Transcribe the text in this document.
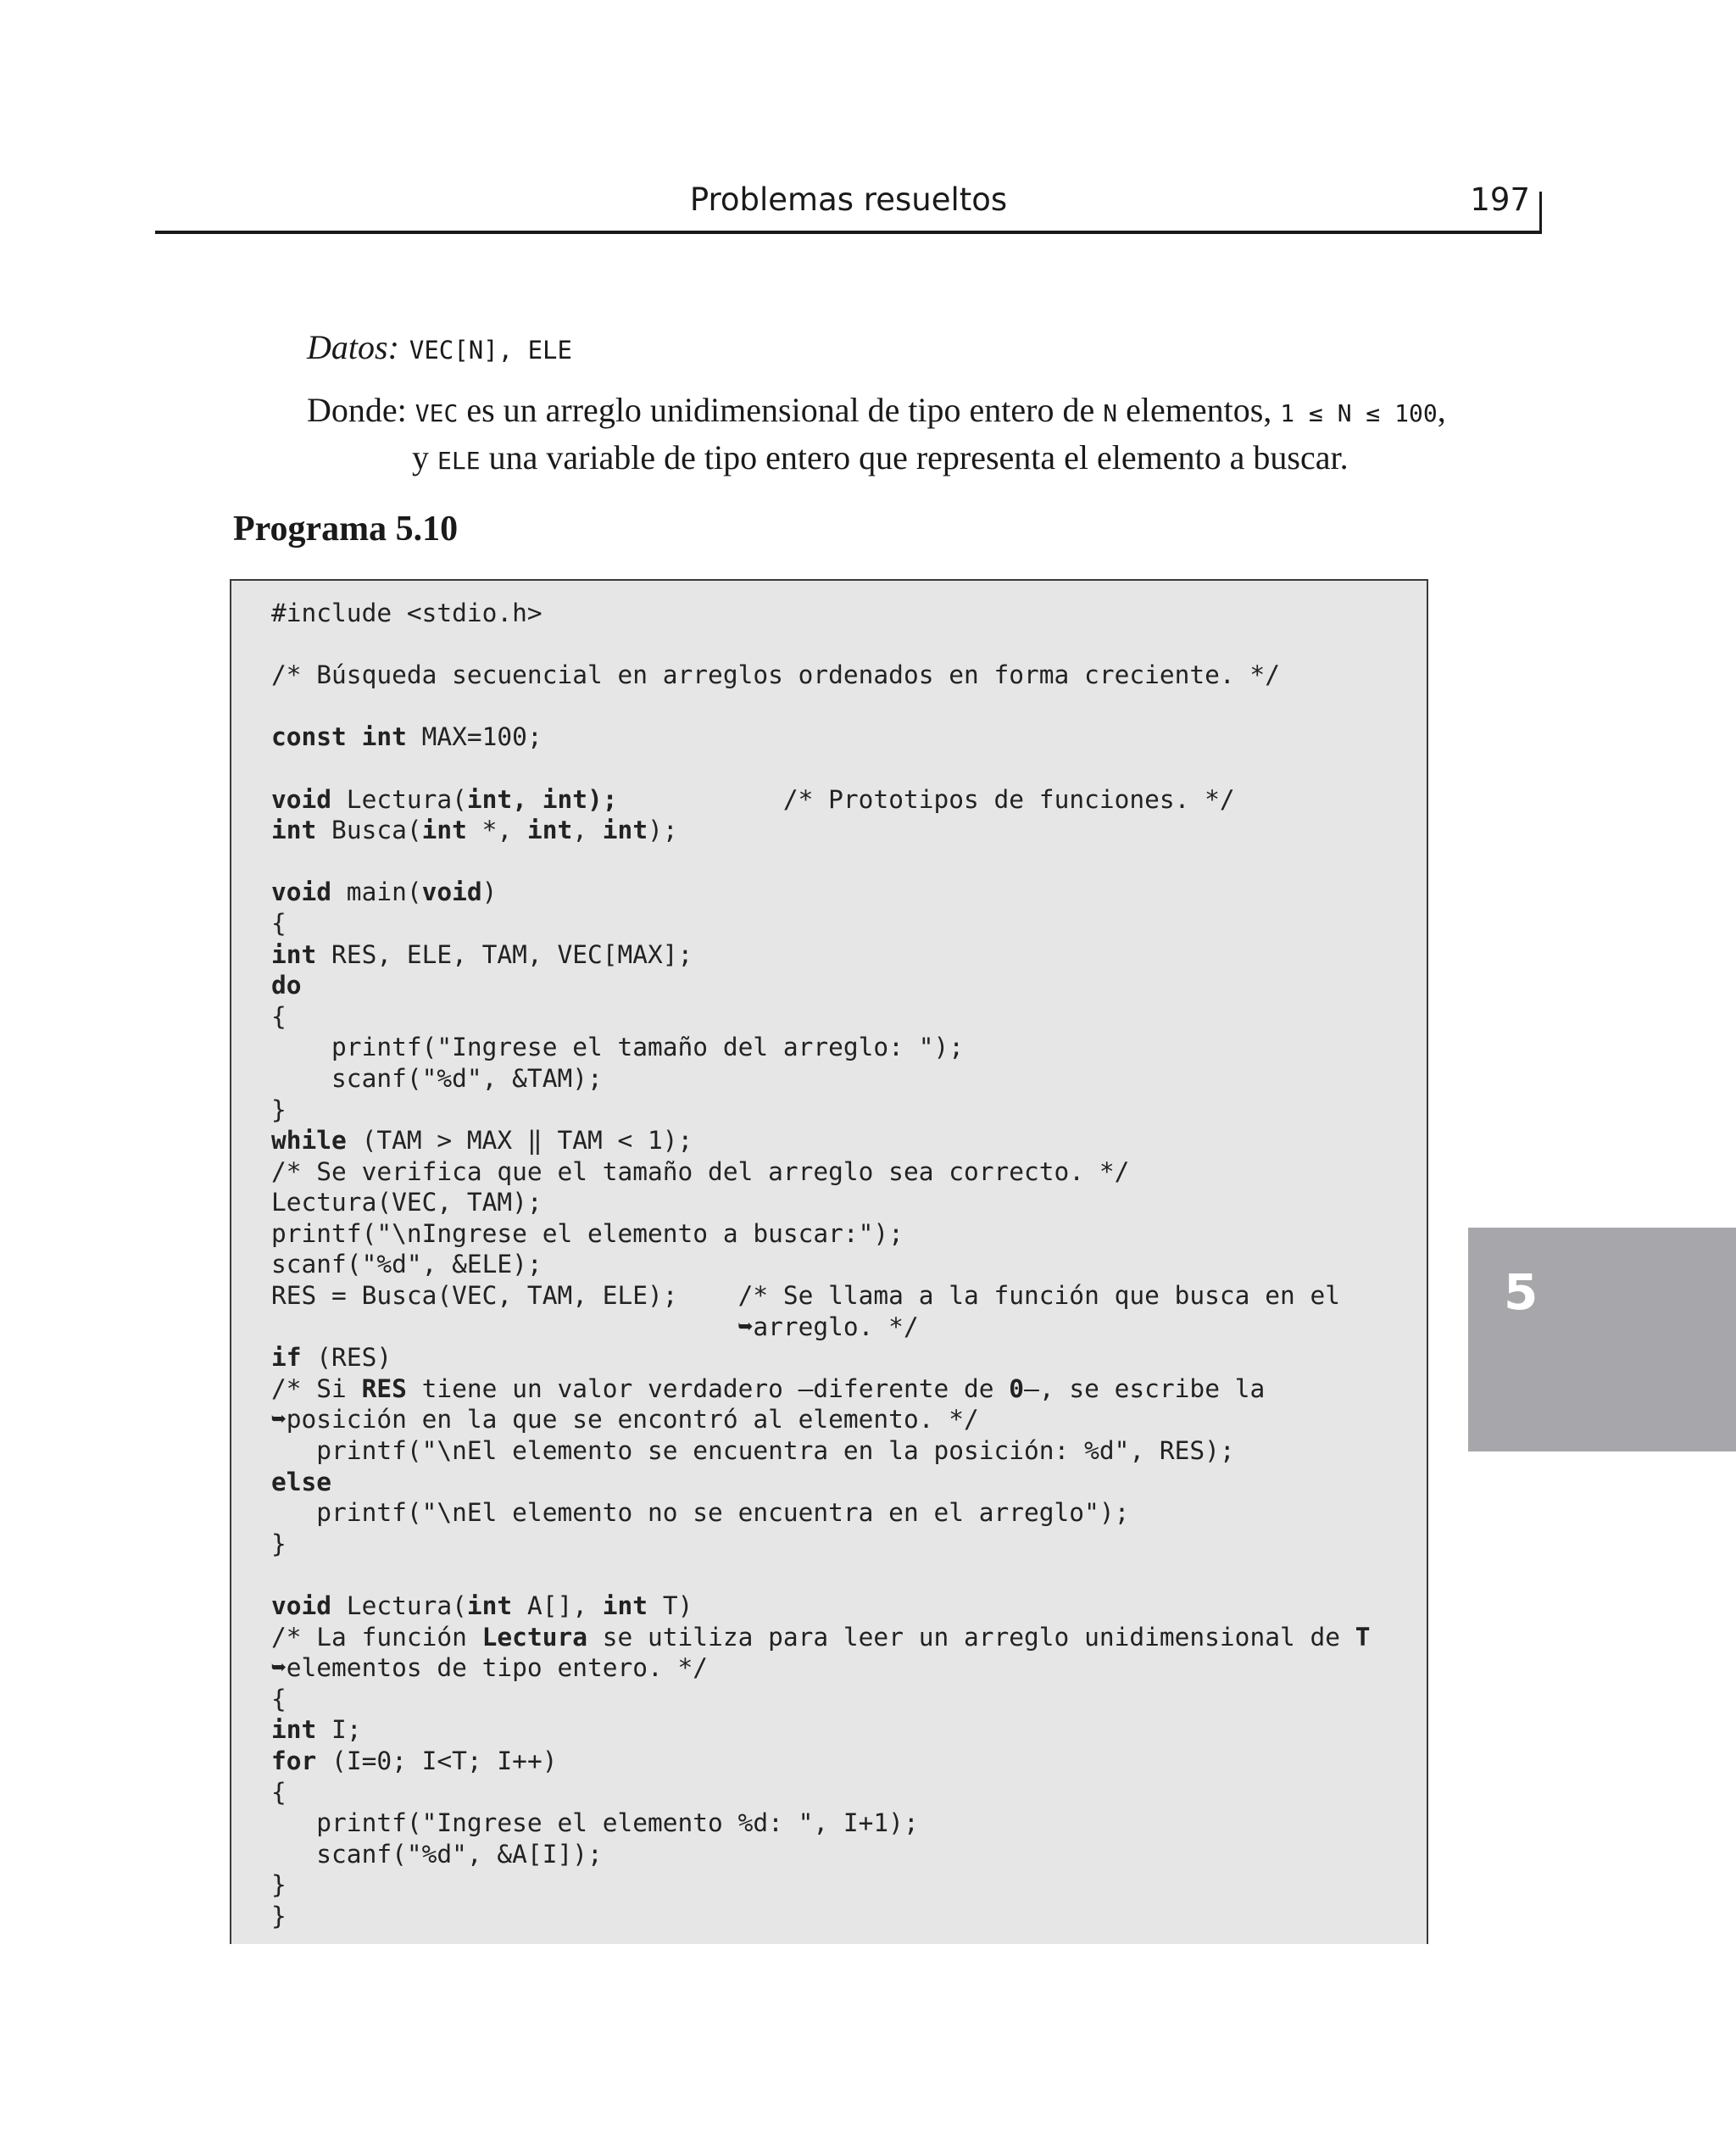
Problemas resueltos	197
Datos: VEC[N], ELE
Donde: VEC es un arreglo unidimensional de tipo entero de N elementos, 1 ≤ N ≤ 100,
y ELE una variable de tipo entero que representa el elemento a buscar.
Programa 5.10
#include <stdio.h>

/* Búsqueda secuencial en arreglos ordenados en forma creciente. */

const int MAX=100;

void Lectura(int, int);           /* Prototipos de funciones. */
int Busca(int *, int, int);

void main(void)
{
int RES, ELE, TAM, VEC[MAX];
do
{
printf("Ingrese el tamaño del arreglo: ");
scanf("%d", &TAM);
}
while (TAM > MAX ‖ TAM < 1);
/* Se verifica que el tamaño del arreglo sea correcto. */
Lectura(VEC, TAM);
printf("\nIngrese el elemento a buscar:");
scanf("%d", &ELE);
RES = Busca(VEC, TAM, ELE);    /* Se llama a la función que busca en el
➥arreglo. */
if (RES)
/* Si RES tiene un valor verdadero —diferente de 0—, se escribe la
➥posición en la que se encontró al elemento. */
printf("\nEl elemento se encuentra en la posición: %d", RES);
else
printf("\nEl elemento no se encuentra en el arreglo");
}

void Lectura(int A[], int T)
/* La función Lectura se utiliza para leer un arreglo unidimensional de T
➥elementos de tipo entero. */
{
int I;
for (I=0; I<T; I++)
{
printf("Ingrese el elemento %d: ", I+1);
scanf("%d", &A[I]);
}
}
5
